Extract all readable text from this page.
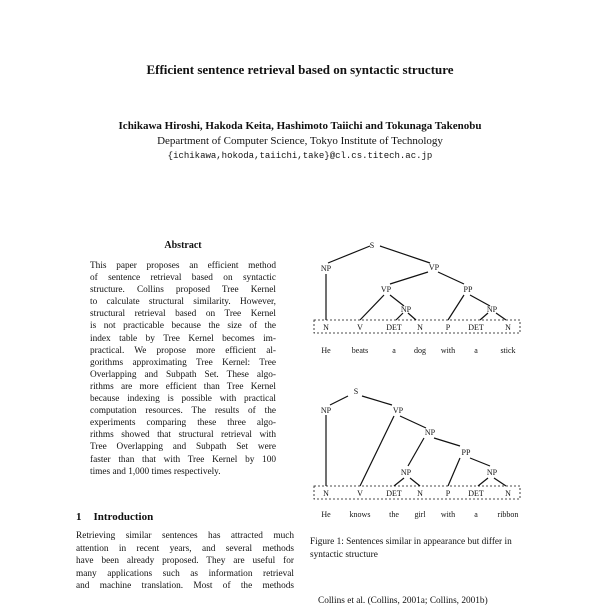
Efficient sentence retrieval based on syntactic structure
Ichikawa Hiroshi, Hakoda Keita, Hashimoto Taiichi and Tokunaga Takenobu
Department of Computer Science, Tokyo Institute of Technology
{ichikawa,hokoda,taiichi,take}@cl.cs.titech.ac.jp
Abstract
This paper proposes an efficient method
of sentence retrieval based on syntactic
structure. Collins proposed Tree Kernel
to calculate structural similarity. However,
structural retrieval based on Tree Kernel
is not practicable because the size of the
index table by Tree Kernel becomes im-
practical. We propose more efficient al-
gorithms approximating Tree Kernel: Tree
Overlapping and Subpath Set. These algo-
rithms are more efficient than Tree Kernel
because indexing is possible with practical
computation resources. The results of the
experiments comparing these three algo-
rithms showed that structural retrieval with
Tree Overlapping and Subpath Set were
faster than that with Tree Kernel by 100
times and 1,000 times respectively.
1 Introduction
Retrieving similar sentences has attracted much
attention in recent years, and several methods
have been already proposed. They are useful for
many applications such as information retrieval
and machine translation. Most of the methods
S
NP	VP
VP
NP
PP
NP
N	V	DET N	P DET	N
He	beats	a dog with a	stick
S
NP	VP
NP
NP
PP
NP
N	V	DET N	P DET	N
He knows the girl with a ribbon
Figure 1: Sentences similar in appearance but differ in syntactic structure
Collins et al. (Collins, 2001a; Collins, 2001b)
